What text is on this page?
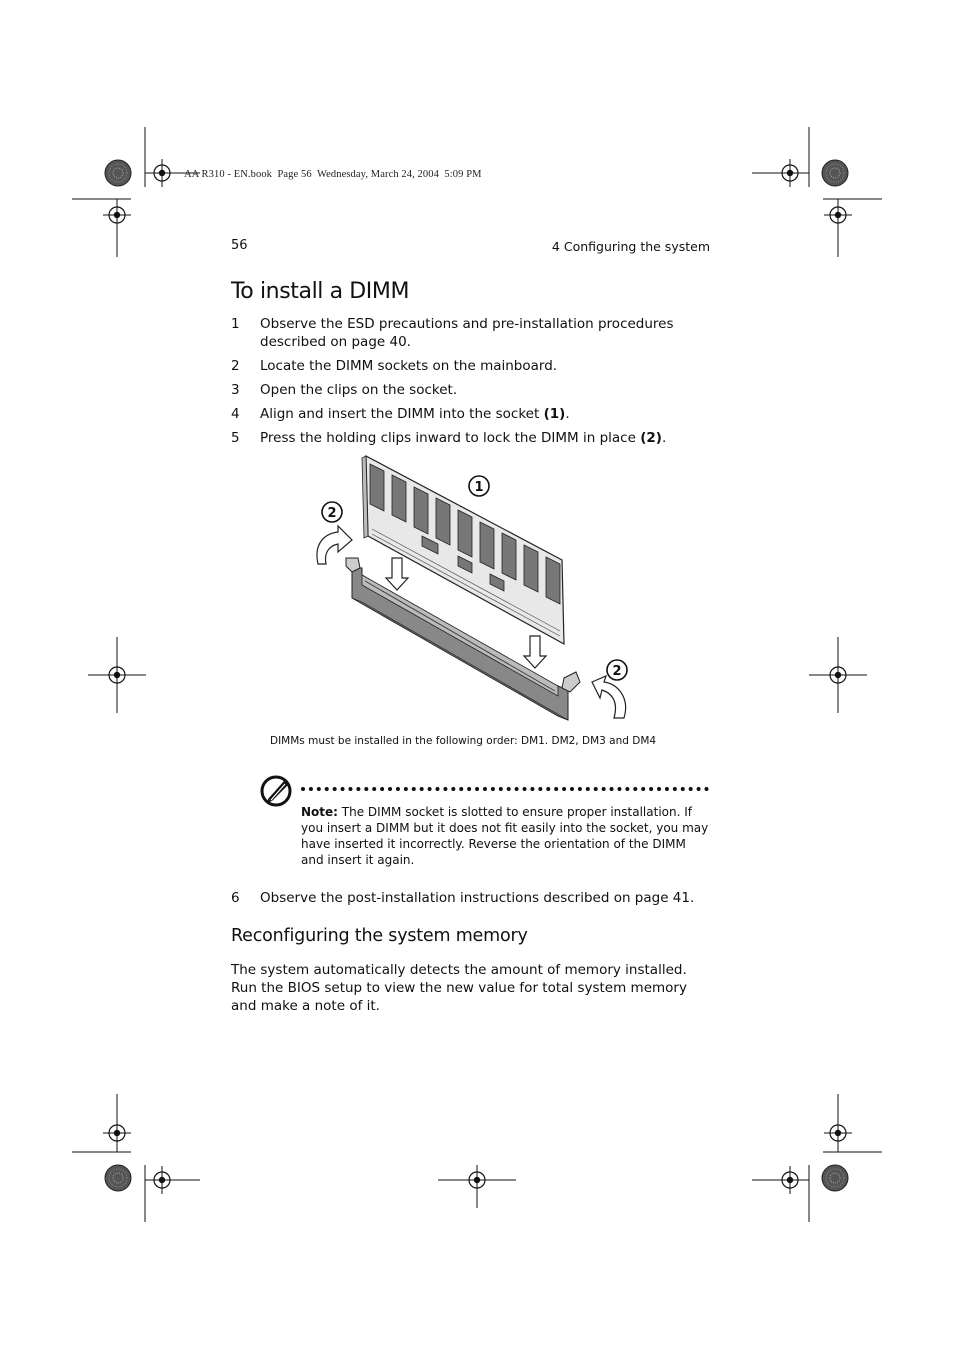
AA R310 - EN.book  Page 56  Wednesday, March 24, 2004  5:09 PM
56	4 Configuring the system
To install a DIMM
1 Observe the ESD precautions and pre-installation procedures described on page 40.
2 Locate the DIMM sockets on the mainboard.
3 Open the clips on the socket.
4 Align and insert the DIMM into the socket (1).
5 Press the holding clips inward to lock the DIMM in place (2).
1
2
2
DIMMs must be installed in the following order: DM1. DM2, DM3 and DM4
Note: The DIMM socket is slotted to ensure proper installation. If you insert a DIMM but it does not fit easily into the socket, you may have inserted it incorrectly. Reverse the orientation of the DIMM and insert it again.
6 Observe the post-installation instructions described on page 41.
Reconfiguring the system memory
The system automatically detects the amount of memory installed. Run the BIOS setup to view the new value for total system memory and make a note of it.
